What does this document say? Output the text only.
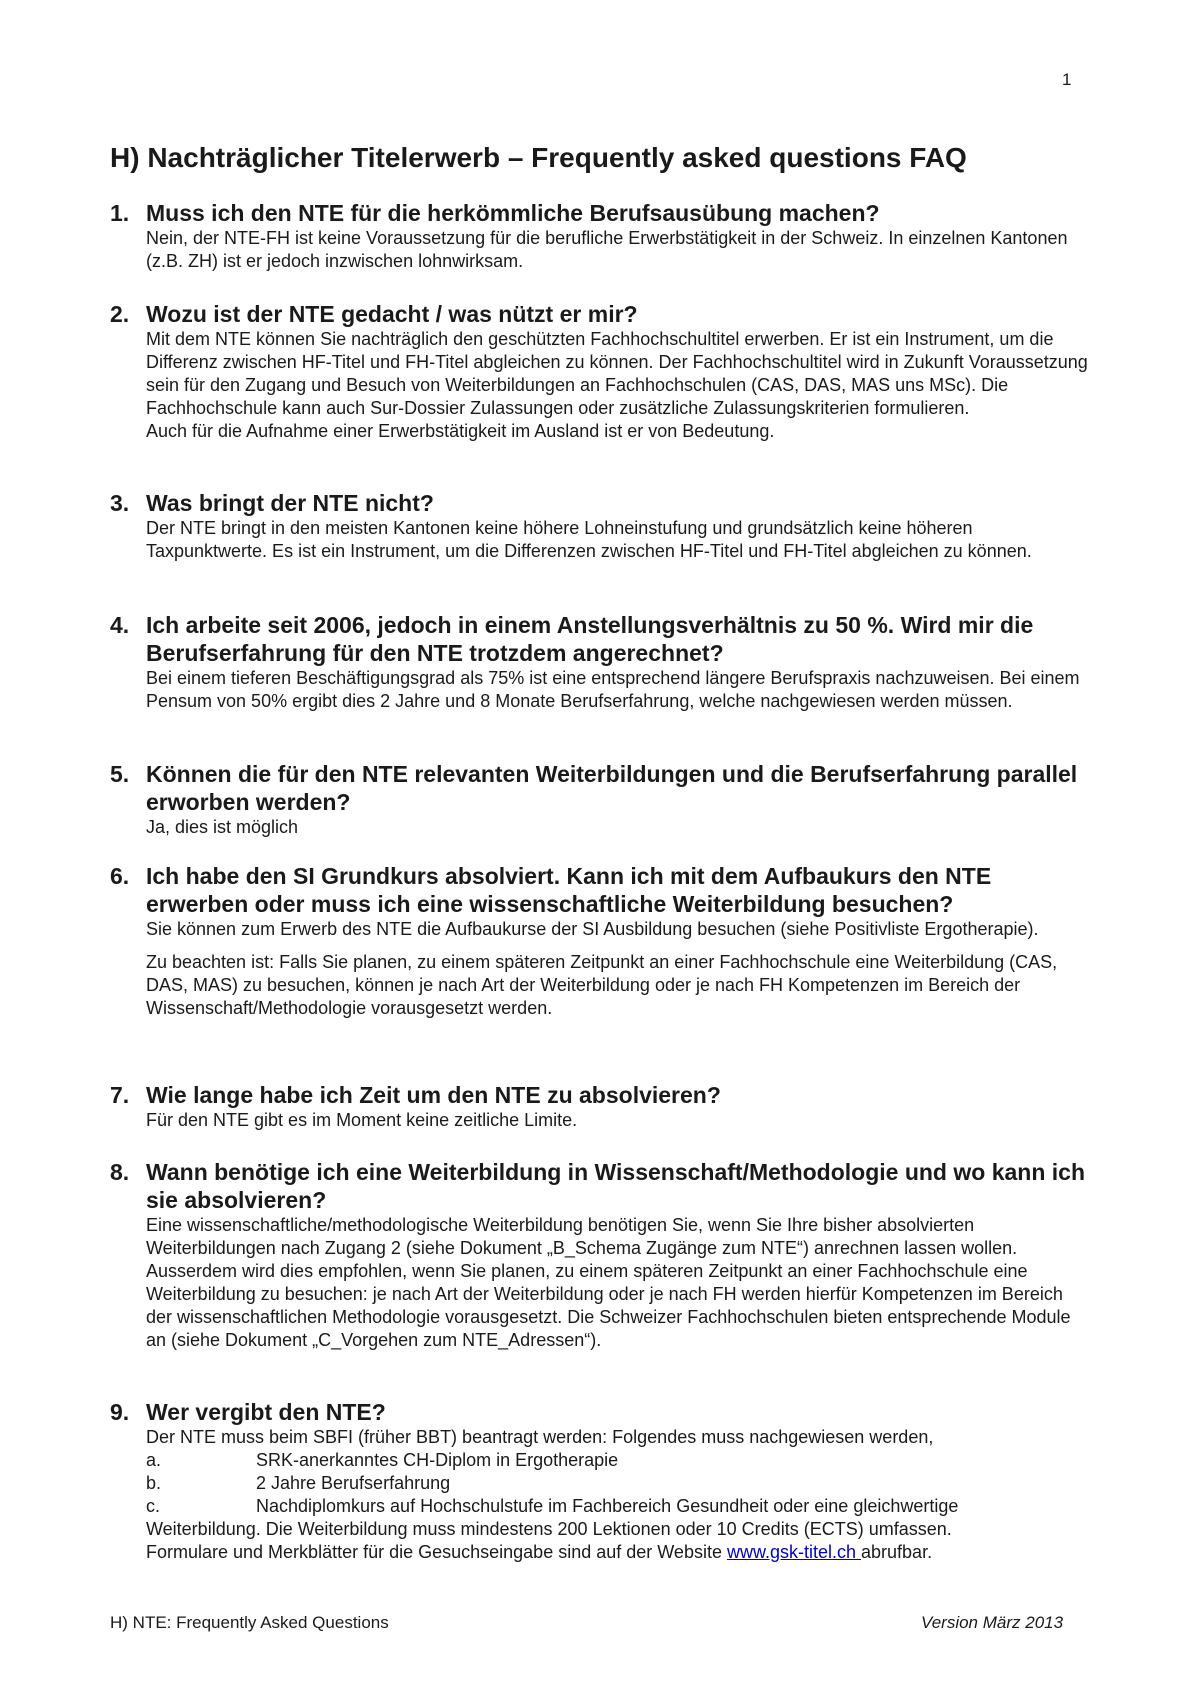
1
H) Nachträglicher Titelerwerb – Frequently asked questions FAQ
1. Muss ich den NTE für die herkömmliche Berufsausübung machen?
Nein, der NTE-FH ist keine Voraussetzung für die berufliche Erwerbstätigkeit in der Schweiz. In einzelnen Kantonen (z.B. ZH) ist er jedoch inzwischen lohnwirksam.
2. Wozu ist der NTE gedacht / was nützt er mir?
Mit dem NTE können Sie nachträglich den geschützten Fachhochschultitel erwerben. Er ist ein Instrument, um die Differenz zwischen HF-Titel und FH-Titel abgleichen zu können. Der Fachhochschultitel wird in Zukunft Voraussetzung sein für den Zugang und Besuch von Weiterbildungen an Fachhochschulen (CAS, DAS, MAS uns MSc). Die Fachhochschule kann auch Sur-Dossier Zulassungen oder zusätzliche Zulassungskriterien formulieren.
Auch für die Aufnahme einer Erwerbstätigkeit im Ausland ist er von Bedeutung.
3. Was bringt der NTE nicht?
Der NTE bringt in den meisten Kantonen keine höhere Lohneinstufung und grundsätzlich keine höheren Taxpunktwerte. Es ist ein Instrument, um die Differenzen zwischen HF-Titel und FH-Titel abgleichen zu können.
4. Ich arbeite seit 2006, jedoch in einem Anstellungsverhältnis zu 50 %. Wird mir die Berufserfahrung für den NTE trotzdem angerechnet?
Bei einem tieferen Beschäftigungsgrad als 75% ist eine entsprechend längere Berufspraxis nachzuweisen. Bei einem Pensum von 50% ergibt dies 2 Jahre und 8 Monate Berufserfahrung, welche nachgewiesen werden müssen.
5. Können die für den NTE relevanten Weiterbildungen und die Berufserfahrung parallel erworben werden?
Ja, dies ist möglich
6. Ich habe den SI Grundkurs absolviert. Kann ich mit dem Aufbaukurs den NTE erwerben oder muss ich eine wissenschaftliche Weiterbildung besuchen?
Sie können zum Erwerb des NTE die Aufbaukurse der SI Ausbildung besuchen (siehe Positivliste Ergotherapie).
Zu beachten ist: Falls Sie planen, zu einem späteren Zeitpunkt an einer Fachhochschule eine Weiterbildung (CAS, DAS, MAS) zu besuchen, können je nach Art der Weiterbildung oder je nach FH Kompetenzen im Bereich der Wissenschaft/Methodologie vorausgesetzt werden.
7. Wie lange habe ich Zeit um den NTE zu absolvieren?
Für den NTE gibt es im Moment keine zeitliche Limite.
8. Wann benötige ich eine Weiterbildung in Wissenschaft/Methodologie und wo kann ich sie absolvieren?
Eine wissenschaftliche/methodologische Weiterbildung benötigen Sie, wenn Sie Ihre bisher absolvierten Weiterbildungen nach Zugang 2 (siehe Dokument „B_Schema Zugänge zum NTE“) anrechnen lassen wollen. Ausserdem wird dies empfohlen, wenn Sie planen, zu einem späteren Zeitpunkt an einer Fachhochschule eine Weiterbildung zu besuchen: je nach Art der Weiterbildung oder je nach FH werden hierfür Kompetenzen im Bereich der wissenschaftlichen Methodologie vorausgesetzt. Die Schweizer Fachhochschulen bieten entsprechende Module an (siehe Dokument „C_Vorgehen zum NTE_Adressen“).
9. Wer vergibt den NTE?
Der NTE muss beim SBFI (früher BBT) beantragt werden: Folgendes muss nachgewiesen werden,
a.	SRK-anerkanntes CH-Diplom in Ergotherapie
b.	2 Jahre Berufserfahrung
c.	Nachdiplomkurs auf Hochschulstufe im Fachbereich Gesundheit oder eine gleichwertige
Weiterbildung. Die Weiterbildung muss mindestens 200 Lektionen oder 10 Credits (ECTS) umfassen.
Formulare und Merkblätter für die Gesuchseingabe sind auf der Website www.gsk-titel.ch abrufbar.
H) NTE: Frequently Asked Questions	Version März 2013
